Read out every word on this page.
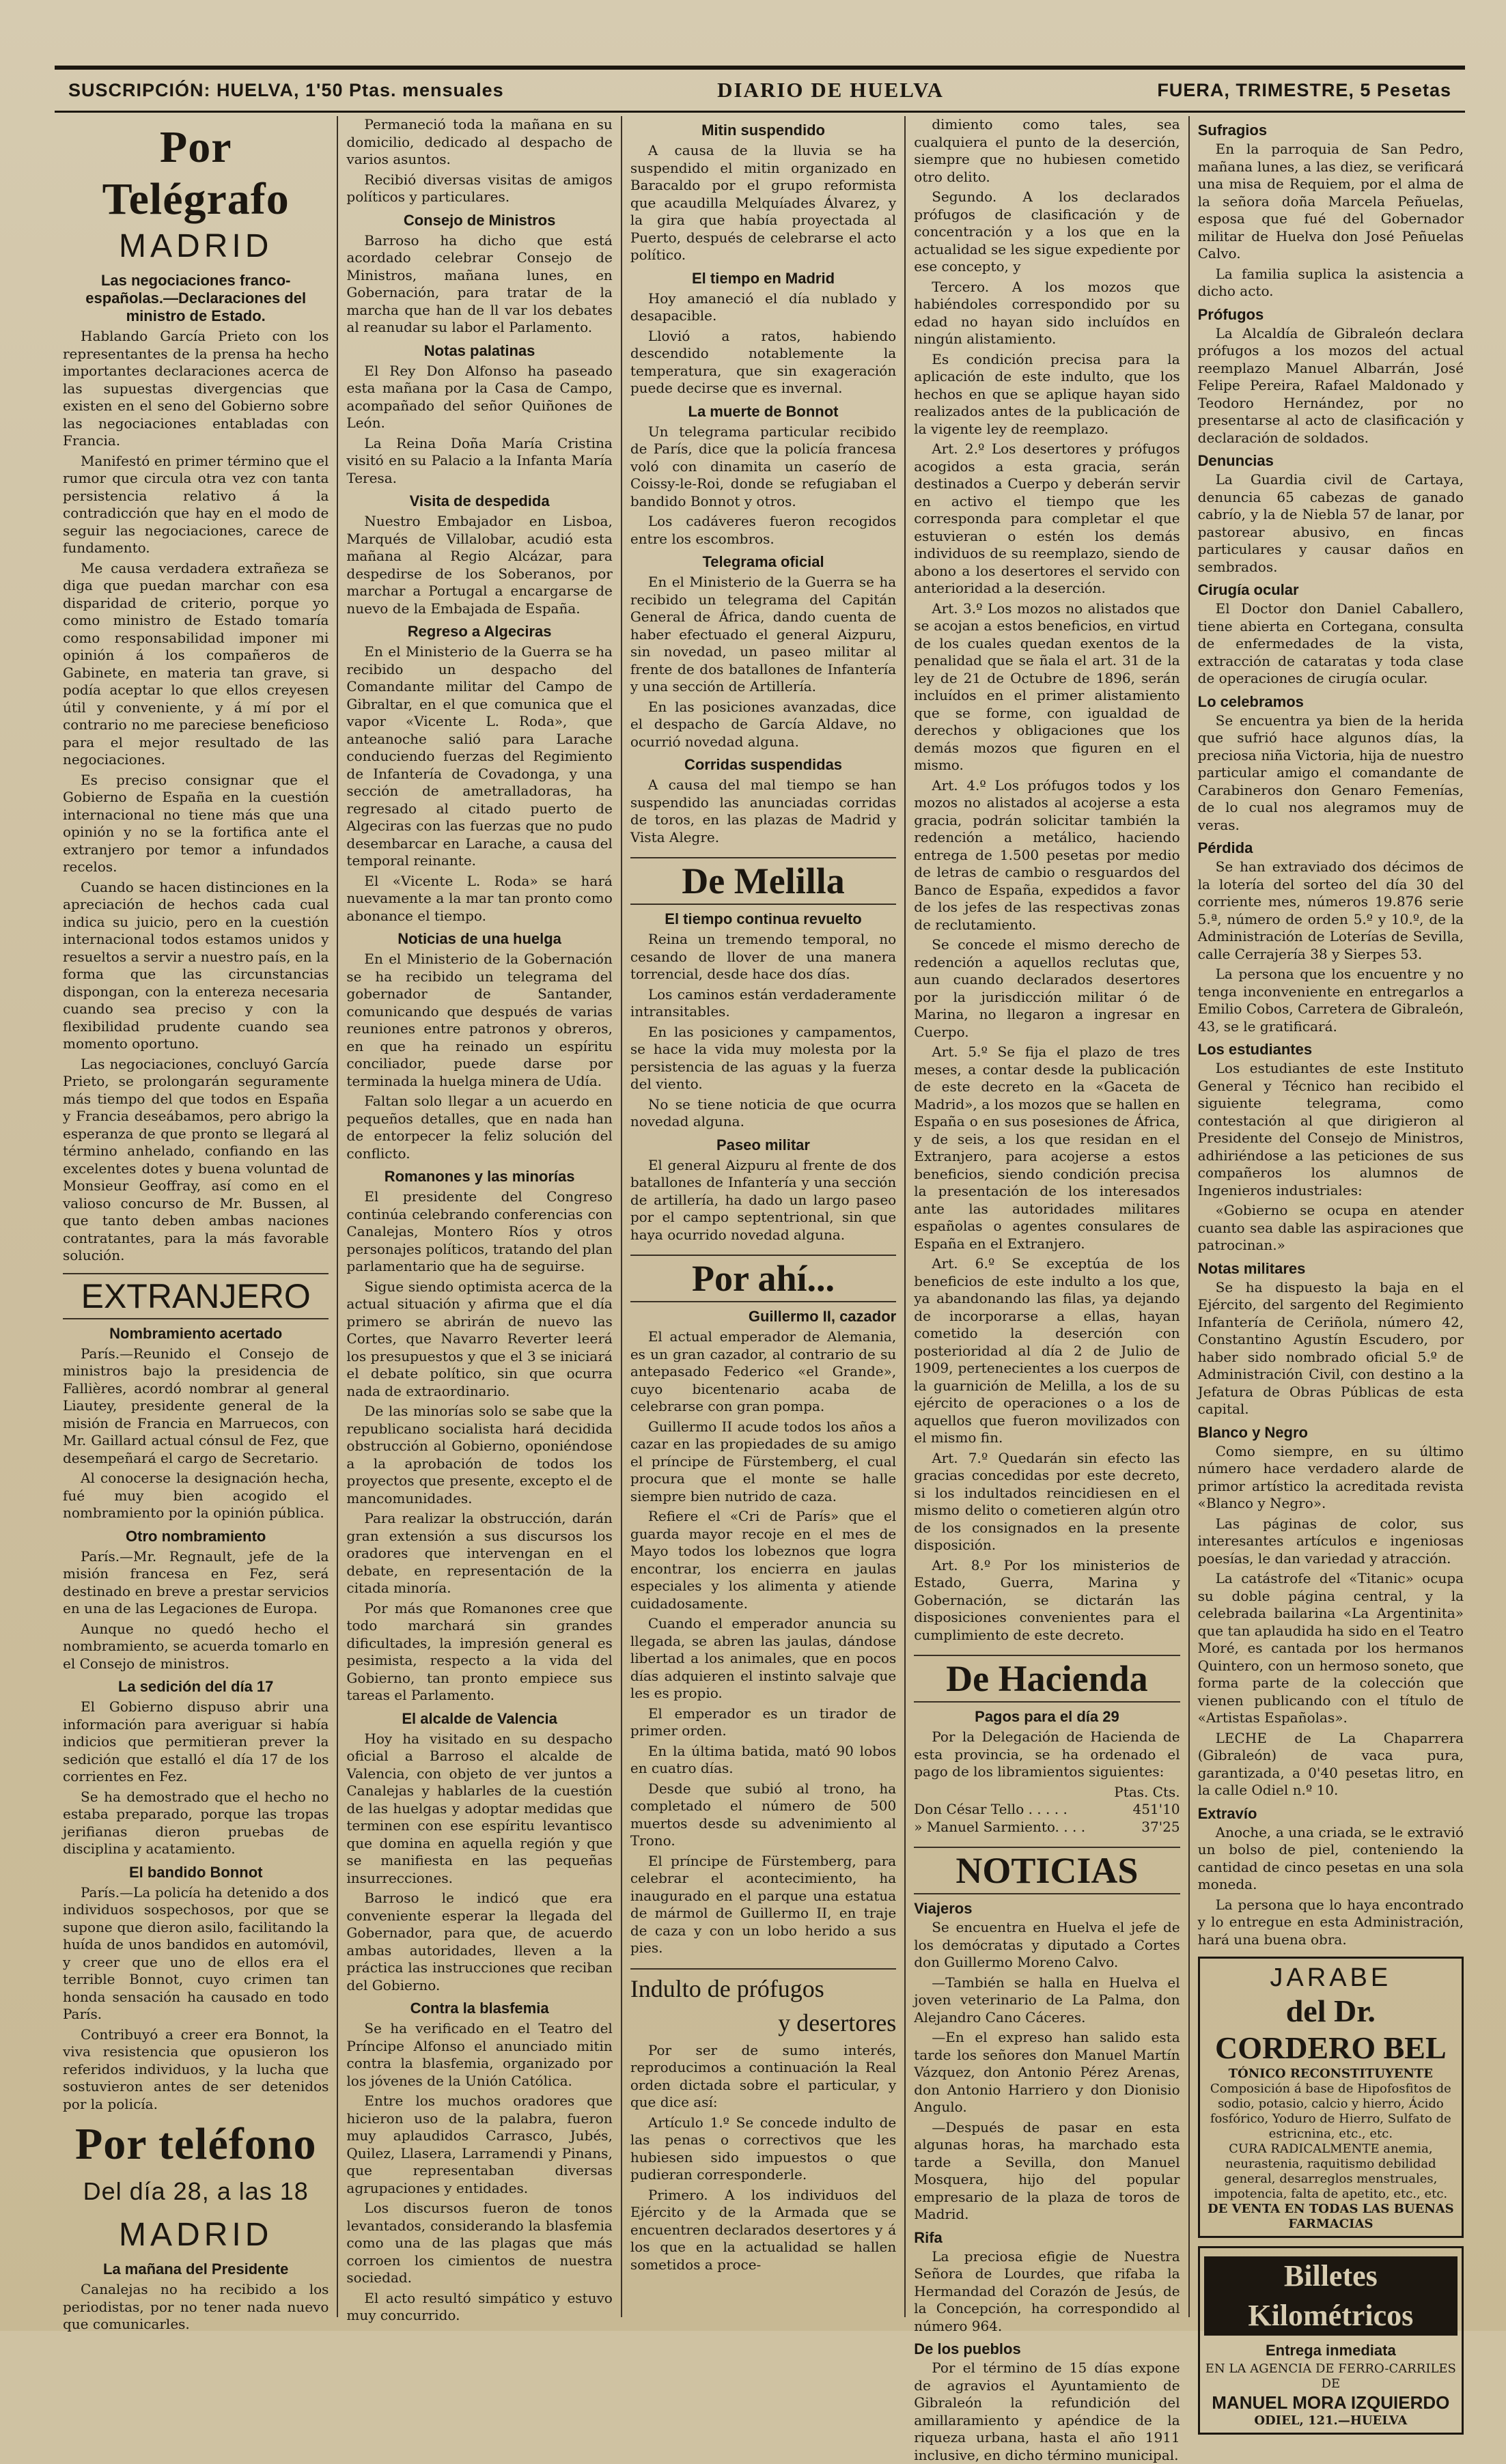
SUSCRIPCIÓN: HUELVA, 1'50 Ptas. mensuales	DIARIO DE HUELVA	FUERA, TRIMESTRE, 5 Pesetas
Por Telégrafo
MADRID
Las negociaciones franco-españolas.—Declaraciones del ministro de Estado.

Hablando García Prieto con los representantes de la prensa ha hecho importantes declaraciones acerca de las supuestas divergencias que existen en el seno del Gobierno sobre las negociaciones entabladas con Francia.

Manifestó en primer término que el rumor que circula otra vez con tanta persistencia relativo á la contradicción que hay en el modo de seguir las negociaciones, carece de fundamento.

Me causa verdadera extrañeza se diga que puedan marchar con esa disparidad de criterio, porque yo como ministro de Estado tomaría como responsabilidad imponer mi opinión á los compañeros de Gabinete, en materia tan grave, si podía aceptar lo que ellos creyesen útil y conveniente, y á mí por el contrario no me pareciese beneficioso para el mejor resultado de las negociaciones.

Es preciso consignar que el Gobierno de España en la cuestión internacional no tiene más que una opinión y no se la fortifica ante el extranjero por temor a infundados recelos.

Cuando se hacen distinciones en la apreciación de hechos cada cual indica su juicio, pero en la cuestión internacional todos estamos unidos y resueltos a servir a nuestro país, en la forma que las circunstancias dispongan, con la entereza necesaria cuando sea preciso y con la flexibilidad prudente cuando sea momento oportuno.

Las negociaciones, concluyó García Prieto, se prolongarán seguramente más tiempo del que todos en España y Francia deseábamos, pero abrigo la esperanza de que pronto se llegará al término anhelado, confiando en las excelentes dotes y buena voluntad de Monsieur Geoffray, así como en el valioso concurso de Mr. Bussen, al que tanto deben ambas naciones contratantes, para la más favorable solución.

EXTRANJERO
Nombramiento acertado

París.—Reunido el Consejo de ministros bajo la presidencia de Fallières, acordó nombrar al general Liautey, presidente general de la misión de Francia en Marruecos, con Mr. Gaillard actual cónsul de Fez, que desempeñará el cargo de Secretario.

Al conocerse la designación hecha, fué muy bien acogido el nombramiento por la opinión pública.

Otro nombramiento

París.—Mr. Regnault, jefe de la misión francesa en Fez, será destinado en breve a prestar servicios en una de las Legaciones de Europa.

Aunque no quedó hecho el nombramiento, se acuerda tomarlo en el Consejo de ministros.

La sedición del día 17

El Gobierno dispuso abrir una información para averiguar si había indicios que permitieran prever la sedición que estalló el día 17 de los corrientes en Fez.

Se ha demostrado que el hecho no estaba preparado, porque las tropas jerifianas dieron pruebas de disciplina y acatamiento.

El bandido Bonnot

París.—La policía ha detenido a dos individuos sospechosos, por que se supone que dieron asilo, facilitando la huída de unos bandidos en automóvil, y creer que uno de ellos era el terrible Bonnot, cuyo crimen tan honda sensación ha causado en todo París.

Contribuyó a creer era Bonnot, la viva resistencia que opusieron los referidos individuos, y la lucha que sostuvieron antes de ser detenidos por la policía.

Por teléfono
Del día 28, a las 18
MADRID
La mañana del Presidente

Canalejas no ha recibido a los periodistas, por no tener nada nuevo que comunicarles.

Permaneció toda la mañana en su domicilio, dedicado al despacho de varios asuntos.

Recibió diversas visitas de amigos políticos y particulares.

Consejo de Ministros

Barroso ha dicho que está acordado celebrar Consejo de Ministros, mañana lunes, en Gobernación, para tratar de la marcha que han de ll var los debates al reanudar su labor el Parlamento.

Notas palatinas

El Rey Don Alfonso ha paseado esta mañana por la Casa de Campo, acompañado del señor Quiñones de León.

La Reina Doña María Cristina visitó en su Palacio a la Infanta María Teresa.

Visita de despedida

Nuestro Embajador en Lisboa, Marqués de Villalobar, acudió esta mañana al Regio Alcázar, para despedirse de los Soberanos, por marchar a Portugal a encargarse de nuevo de la Embajada de España.

Regreso a Algeciras

En el Ministerio de la Guerra se ha recibido un despacho del Comandante militar del Campo de Gibraltar, en el que comunica que el vapor «Vicente L. Roda», que anteanoche salió para Larache conduciendo fuerzas del Regimiento de Infantería de Covadonga, y una sección de ametralladoras, ha regresado al citado puerto de Algeciras con las fuerzas que no pudo desembarcar en Larache, a causa del temporal reinante.

El «Vicente L. Roda» se hará nuevamente a la mar tan pronto como abonance el tiempo.

Noticias de una huelga

En el Ministerio de la Gobernación se ha recibido un telegrama del gobernador de Santander, comunicando que después de varias reuniones entre patronos y obreros, en que ha reinado un espíritu conciliador, puede darse por terminada la huelga minera de Udía.

Faltan solo llegar a un acuerdo en pequeños detalles, que en nada han de entorpecer la feliz solución del conflicto.

Romanones y las minorías

El presidente del Congreso continúa celebrando conferencias con Canalejas, Montero Ríos y otros personajes políticos, tratando del plan parlamentario que ha de seguirse.

Sigue siendo optimista acerca de la actual situación y afirma que el día primero se abrirán de nuevo las Cortes, que Navarro Reverter leerá los presupuestos y que el 3 se iniciará el debate político, sin que ocurra nada de extraordinario.

De las minorías solo se sabe que la republicano socialista hará decidida obstrucción al Gobierno, oponiéndose a la aprobación de todos los proyectos que presente, excepto el de mancomunidades.

Para realizar la obstrucción, darán gran extensión a sus discursos los oradores que intervengan en el debate, en representación de la citada minoría.

Por más que Romanones cree que todo marchará sin grandes dificultades, la impresión general es pesimista, respecto a la vida del Gobierno, tan pronto empiece sus tareas el Parlamento.

El alcalde de Valencia

Hoy ha visitado en su despacho oficial a Barroso el alcalde de Valencia, con objeto de ver juntos a Canalejas y hablarles de la cuestión de las huelgas y adoptar medidas que terminen con ese espíritu levantisco que domina en aquella región y que se manifiesta en las pequeñas insurrecciones.

Barroso le indicó que era conveniente esperar la llegada del Gobernador, para que, de acuerdo ambas autoridades, lleven a la práctica las instrucciones que reciban del Gobierno.

Contra la blasfemia

Se ha verificado en el Teatro del Príncipe Alfonso el anunciado mitin contra la blasfemia, organizado por los jóvenes de la Unión Católica.

Entre los muchos oradores que hicieron uso de la palabra, fueron muy aplaudidos Carrasco, Jubés, Quilez, Llasera, Larramendi y Pinans, que representaban diversas agrupaciones y entidades.

Los discursos fueron de tonos levantados, considerando la blasfemia como una de las plagas que más corroen los cimientos de nuestra sociedad.

El acto resultó simpático y estuvo muy concurrido.

Mitin suspendido

A causa de la lluvia se ha suspendido el mitin organizado en Baracaldo por el grupo reformista que acaudilla Melquíades Álvarez, y la gira que había proyectada al Puerto, después de celebrarse el acto político.

El tiempo en Madrid

Hoy amaneció el día nublado y desapacible.

Llovió a ratos, habiendo descendido notablemente la temperatura, que sin exageración puede decirse que es invernal.

La muerte de Bonnot

Un telegrama particular recibido de París, dice que la policía francesa voló con dinamita un caserío de Coissy-le-Roi, donde se refugiaban el bandido Bonnot y otros.

Los cadáveres fueron recogidos entre los escombros.

Telegrama oficial

En el Ministerio de la Guerra se ha recibido un telegrama del Capitán General de África, dando cuenta de haber efectuado el general Aizpuru, sin novedad, un paseo militar al frente de dos batallones de Infantería y una sección de Artillería.

En las posiciones avanzadas, dice el despacho de García Aldave, no ocurrió novedad alguna.

Corridas suspendidas

A causa del mal tiempo se han suspendido las anunciadas corridas de toros, en las plazas de Madrid y Vista Alegre.

De Melilla
El tiempo continua revuelto

Reina un tremendo temporal, no cesando de llover de una manera torrencial, desde hace dos días.

Los caminos están verdaderamente intransitables.

En las posiciones y campamentos, se hace la vida muy molesta por la persistencia de las aguas y la fuerza del viento.

No se tiene noticia de que ocurra novedad alguna.

Paseo militar

El general Aizpuru al frente de dos batallones de Infantería y una sección de artillería, ha dado un largo paseo por el campo septentrional, sin que haya ocurrido novedad alguna.

Por ahí...
Guillermo II, cazador

El actual emperador de Alemania, es un gran cazador, al contrario de su antepasado Federico «el Grande», cuyo bicentenario acaba de celebrarse con gran pompa.

Guillermo II acude todos los años a cazar en las propiedades de su amigo el príncipe de Fürstemberg, el cual procura que el monte se halle siempre bien nutrido de caza.

Refiere el «Cri de París» que el guarda mayor recoje en el mes de Mayo todos los lobeznos que logra encontrar, los encierra en jaulas especiales y los alimenta y atiende cuidadosamente.

Cuando el emperador anuncia su llegada, se abren las jaulas, dándose libertad a los animales, que en pocos días adquieren el instinto salvaje que les es propio.

El emperador es un tirador de primer orden.

En la última batida, mató 90 lobos en cuatro días.

Desde que subió al trono, ha completado el número de 500 muertos desde su advenimiento al Trono.

El príncipe de Fürstemberg, para celebrar el acontecimiento, ha inaugurado en el parque una estatua de mármol de Guillermo II, en traje de caza y con un lobo herido a sus pies.

Indulto de prófugos
y desertores

Por ser de sumo interés, reproducimos a continuación la Real orden dictada sobre el particular, y que dice así:

Artículo 1.º Se concede indulto de las penas o correctivos que les hubiesen sido impuestos o que pudieran corresponderle.

Primero. A los individuos del Ejército y de la Armada que se encuentren declarados desertores y á los que en la actualidad se hallen sometidos a proce-

dimiento como tales, sea cualquiera el punto de la deserción, siempre que no hubiesen cometido otro delito.

Segundo. A los declarados prófugos de clasificación y de concentración y a los que en la actualidad se les sigue expediente por ese concepto, y

Tercero. A los mozos que habiéndoles correspondido por su edad no hayan sido incluídos en ningún alistamiento.

Es condición precisa para la aplicación de este indulto, que los hechos en que se aplique hayan sido realizados antes de la publicación de la vigente ley de reemplazo.

Art. 2.º Los desertores y prófugos acogidos a esta gracia, serán destinados a Cuerpo y deberán servir en activo el tiempo que les corresponda para completar el que estuvieran o estén los demás individuos de su reemplazo, siendo de abono a los desertores el servido con anterioridad a la deserción.

Art. 3.º Los mozos no alistados que se acojan a estos beneficios, en virtud de los cuales quedan exentos de la penalidad que se ñala el art. 31 de la ley de 21 de Octubre de 1896, serán incluídos en el primer alistamiento que se forme, con igualdad de derechos y obligaciones que los demás mozos que figuren en el mismo.

Art. 4.º Los prófugos todos y los mozos no alistados al acojerse a esta gracia, podrán solicitar también la redención a metálico, haciendo entrega de 1.500 pesetas por medio de letras de cambio o resguardos del Banco de España, expedidos a favor de los jefes de las respectivas zonas de reclutamiento.

Se concede el mismo derecho de redención a aquellos reclutas que, aun cuando declarados desertores por la jurisdicción militar ó de Marina, no llegaron a ingresar en Cuerpo.

Art. 5.º Se fija el plazo de tres meses, a contar desde la publicación de este decreto en la «Gaceta de Madrid», a los mozos que se hallen en España o en sus posesiones de África, y de seis, a los que residan en el Extranjero, para acojerse a estos beneficios, siendo condición precisa la presentación de los interesados ante las autoridades militares españolas o agentes consulares de España en el Extranjero.

Art. 6.º Se exceptúa de los beneficios de este indulto a los que, ya abandonando las filas, ya dejando de incorporarse a ellas, hayan cometido la deserción con posterioridad al día 2 de Julio de 1909, pertenecientes a los cuerpos de la guarnición de Melilla, a los de su ejército de operaciones o a los de aquellos que fueron movilizados con el mismo fin.

Art. 7.º Quedarán sin efecto las gracias concedidas por este decreto, si los indultados reincidiesen en el mismo delito o cometieren algún otro de los consignados en la presente disposición.

Art. 8.º Por los ministerios de Estado, Guerra, Marina y Gobernación, se dictarán las disposiciones convenientes para el cumplimiento de este decreto.

De Hacienda
Pagos para el día 29

Por la Delegación de Hacienda de esta provincia, se ha ordenado el pago de los libramientos siguientes:

Ptas. Cts.
Don César Tello . . . . .	451'10
» Manuel Sarmiento. . . .	37'25
NOTICIAS
Viajeros

Se encuentra en Huelva el jefe de los demócratas y diputado a Cortes don Guillermo Moreno Calvo.

—También se halla en Huelva el joven veterinario de La Palma, don Alejandro Cano Cáceres.

—En el expreso han salido esta tarde los señores don Manuel Martín Vázquez, don Antonio Pérez Arenas, don Antonio Harriero y don Dionisio Angulo.

—Después de pasar en esta algunas horas, ha marchado esta tarde a Sevilla, don Manuel Mosquera, hijo del popular empresario de la plaza de toros de Madrid.

Rifa

La preciosa efigie de Nuestra Señora de Lourdes, que rifaba la Hermandad del Corazón de Jesús, de la Concepción, ha correspondido al número 964.

De los pueblos

Por el término de 15 días expone de agravios el Ayuntamiento de Gibraleón la refundición del amillaramiento y apéndice de la riqueza urbana, hasta el año 1911 inclusive, en dicho término municipal.

Sufragios

En la parroquia de San Pedro, mañana lunes, a las diez, se verificará una misa de Requiem, por el alma de la señora doña Marcela Peñuelas, esposa que fué del Gobernador militar de Huelva don José Peñuelas Calvo.

La familia suplica la asistencia a dicho acto.

Prófugos

La Alcaldía de Gibraleón declara prófugos a los mozos del actual reemplazo Manuel Albarrán, José Felipe Pereira, Rafael Maldonado y Teodoro Hernández, por no presentarse al acto de clasificación y declaración de soldados.

Denuncias

La Guardia civil de Cartaya, denuncia 65 cabezas de ganado cabrío, y la de Niebla 57 de lanar, por pastorear abusivo, en fincas particulares y causar daños en sembrados.

Cirugía ocular

El Doctor don Daniel Caballero, tiene abierta en Cortegana, consulta de enfermedades de la vista, extracción de cataratas y toda clase de operaciones de cirugía ocular.

Lo celebramos

Se encuentra ya bien de la herida que sufrió hace algunos días, la preciosa niña Victoria, hija de nuestro particular amigo el comandante de Carabineros don Genaro Femenías, de lo cual nos alegramos muy de veras.

Pérdida

Se han extraviado dos décimos de la lotería del sorteo del día 30 del corriente mes, números 19.876 serie 5.ª, número de orden 5.º y 10.º, de la Administración de Loterías de Sevilla, calle Cerrajería 38 y Sierpes 53.

La persona que los encuentre y no tenga inconveniente en entregarlos a Emilio Cobos, Carretera de Gibraleón, 43, se le gratificará.

Los estudiantes

Los estudiantes de este Instituto General y Técnico han recibido el siguiente telegrama, como contestación al que dirigieron al Presidente del Consejo de Ministros, adhiriéndose a las peticiones de sus compañeros los alumnos de Ingenieros industriales:

«Gobierno se ocupa en atender cuanto sea dable las aspiraciones que patrocinan.»

Notas militares

Se ha dispuesto la baja en el Ejército, del sargento del Regimiento Infantería de Ceriñola, número 42, Constantino Agustín Escudero, por haber sido nombrado oficial 5.º de Administración Civil, con destino a la Jefatura de Obras Públicas de esta capital.

Blanco y Negro

Como siempre, en su último número hace verdadero alarde de primor artístico la acreditada revista «Blanco y Negro».

Las páginas de color, sus interesantes artículos e ingeniosas poesías, le dan variedad y atracción.

La catástrofe del «Titanic» ocupa su doble página central, y la celebrada bailarina «La Argentinita» que tan aplaudida ha sido en el Teatro Moré, es cantada por los hermanos Quintero, con un hermoso soneto, que forma parte de la colección que vienen publicando con el título de «Artistas Españolas».

LECHE de La Chaparrera (Gibraleón) de vaca pura, garantizada, a 0'40 pesetas litro, en la calle Odiel n.º 10.

Extravío

Anoche, a una criada, se le extravió un bolso de piel, conteniendo la cantidad de cinco pesetas en una sola moneda.

La persona que lo haya encontrado y lo entregue en esta Administración, hará una buena obra.

JARABE
del Dr. CORDERO BEL
TÓNICO RECONSTITUYENTE
Composición á base de Hipofosfitos de sodio, potasio, calcio y hierro, Ácido fosfórico, Yoduro de Hierro, Sulfato de estricnina, etc., etc.
CURA RADICALMENTE anemia, neurastenia, raquitismo debilidad general, desarreglos menstruales, impotencia, falta de apetito, etc., etc.
DE VENTA EN TODAS LAS BUENAS FARMACIAS
Billetes Kilométricos
Entrega inmediata
EN LA AGENCIA DE FERRO-CARRILES DE
MANUEL MORA IZQUIERDO
ODIEL, 121.—HUELVA
